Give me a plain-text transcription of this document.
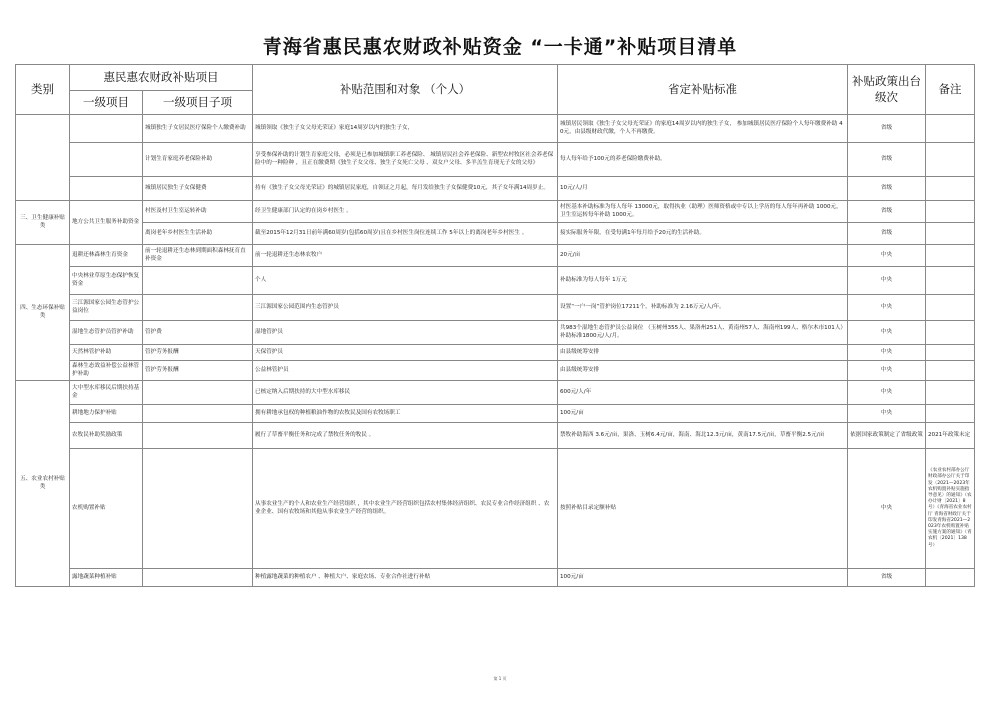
青海省惠民惠农财政补贴资金 “一卡通”补贴项目清单
类别	惠民惠农财政补贴项目		补贴范围和对象 （个人）	省定补贴标准	补贴政策出台级次	备注
	一级项目	一级项目子项				
		城镇独生子女居民医疗保险个人缴费补助	城镇领取《独生子女父母光荣证》家庭14周岁以内的独生子女，	城镇居民领取《独生子女父母光荣证》的家庭14周岁以内的独生子女， 参加城镇居民医疗保险个人每年缴费补助 40元，由县级财政代缴，个人不再缴费。	省级	
		计划生育家庭养老保险补助	享受参保补助的计划生育家庭父母，必须是已参加城镇职工养老保险、 城镇居民社会养老保险、新型农村牧区社会养老保险中的一种险种 ，且正在缴费期《独生子女父母、独生子女死亡父母 、双女户父母、多羊羔生育现无子女的父母》	每人每年给予100元的养老保险缴费补助。	省级	
		城镇居民独生子女保健费	持有《独生子女父母光荣证》的城镇居民家庭，自领证之月起，每月发给独生子女保健费10元，其子女年满14周岁止。	10元/人/月	省级	
三、卫生健康补贴类	地方公共卫生服务补助资金	村医及村卫生室运转补助	经卫生健康部门认定的在岗乡村医生 。	村医基本补助标准为每人每年 13000元，取得执业（助理）医师资格或中专以上学历的每人每年再补助 1000元，卫生室运转每年补助 1000元。	省级	
		离岗老年乡村医生生活补助	截至2015年12月31日前年满60周岁(包括60周岁)且在乡村医生岗位连续工作 5年以上的离岗老年乡村医生 。	接实际服务年限，在受每满1年每月给予20元的生活补助。	省级	
四、生态环保补贴类	退耕还林森林生育资金	前一轮退耕还生态林到期面积森林抚育直补资金	前一轮退耕还生态林农牧户	20元/亩	中央	
	中央林业草原生态保护恢复资金		个人	补助标准为每人每年 1万元	中央	
	三江源国家公园生态管护公益岗位		三江源国家公园范围内生态管护员	设置“一户一岗”管护岗位17211个，补助标准为 2.16万元/人/年。	中央	
	湿地生态管护员管护补助	管护费	湿地管护员	共983个湿地生态管护员公益岗位 （玉树州355人、果洛州251人、黄南州57人、海南州199人、格尔木市101人）补助标准1800元/人/月。	中央	
	天然林管护补助	管护劳务报酬	天保管护员	由县级统筹安排	中央	
	森林生态效益补偿公益林管护补助	管护劳务报酬	公益林管护员	由县级统筹安排	中央	
五、农业农村补贴类	大中型水库移民后期扶持基金		已核定纳入后期扶持的大中型水库移民	600元/人/年	中央	
	耕地地力保护补贴		拥有耕地承包权的种植粮油作物的农牧民及国有农牧场职工	100元/亩	中央	
	农牧民补助奖励政策		履行了草畜平衡任务和完成了禁牧任务的牧民 。	禁牧补助海西 3.6元/亩，果洛、玉树6.4元/亩，海南、海北12.3元/亩，黄南17.5元/亩，草畜平衡2.5元/亩	依据国家政策制定了省级政策	2021年政策未定
	农机购置补贴		从事农业生产的个人和农业生产经营组织 ，其中农业生产经营组织包括农村集体经济组织、农民专业合作经济组织 、农业企业、国有农牧场和其他从事农业生产经营的组织。	按照补贴目录定额补贴	中央	《农业农村部办公厅 财政部办公厅关于印发〈2021—2023年农机购置补贴实施指导意见〉的通知》（农办计财〔2021〕8号）《青海省农业农村厅 青海省财政厅关于印发青海省2021—2023年农机购置补贴实施方案的通知》（青农机〔2021〕138号）
	露地蔬菜种植补贴		种植露地蔬菜的种植农户 、种植大户、家庭农场、专业合作社进行补贴	100元/亩	省级	
第 1 页
